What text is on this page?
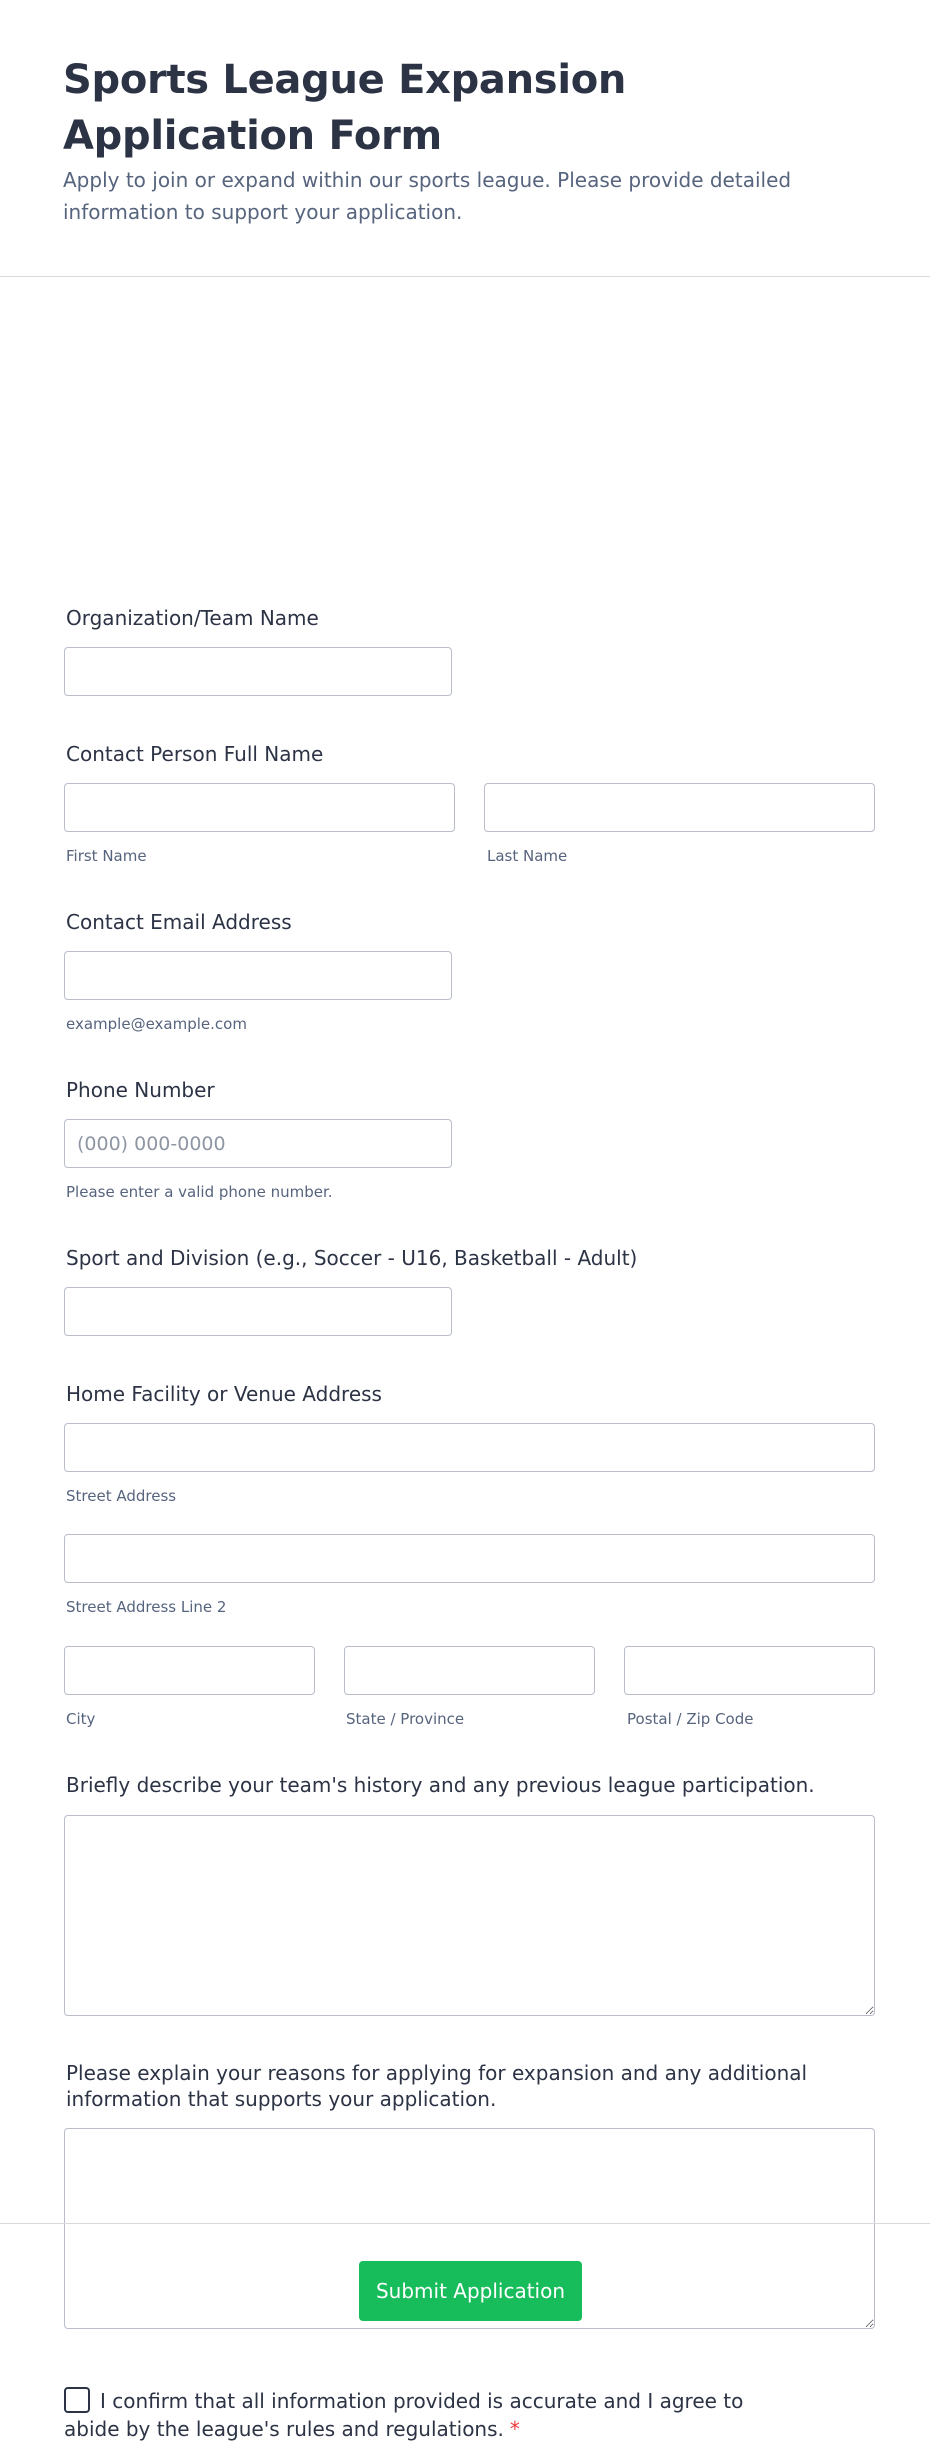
Sports League Expansion Application Form

Apply to join or expand within our sports league. Please provide detailed information to support your application.

Organization/Team Name
Contact Person Full Name
First Name	Last Name
Contact Email Address
example@example.com
Phone Number
(000) 000-0000
Please enter a valid phone number.
Sport and Division (e.g., Soccer - U16, Basketball - Adult)
Home Facility or Venue Address
Street Address
Street Address Line 2
City	State / Province	Postal / Zip Code
Briefly describe your team's history and any previous league participation.
Please explain your reasons for applying for expansion and any additional information that supports your application.
I confirm that all information provided is accurate and I agree to abide by the league's rules and regulations. *
Submit Application
